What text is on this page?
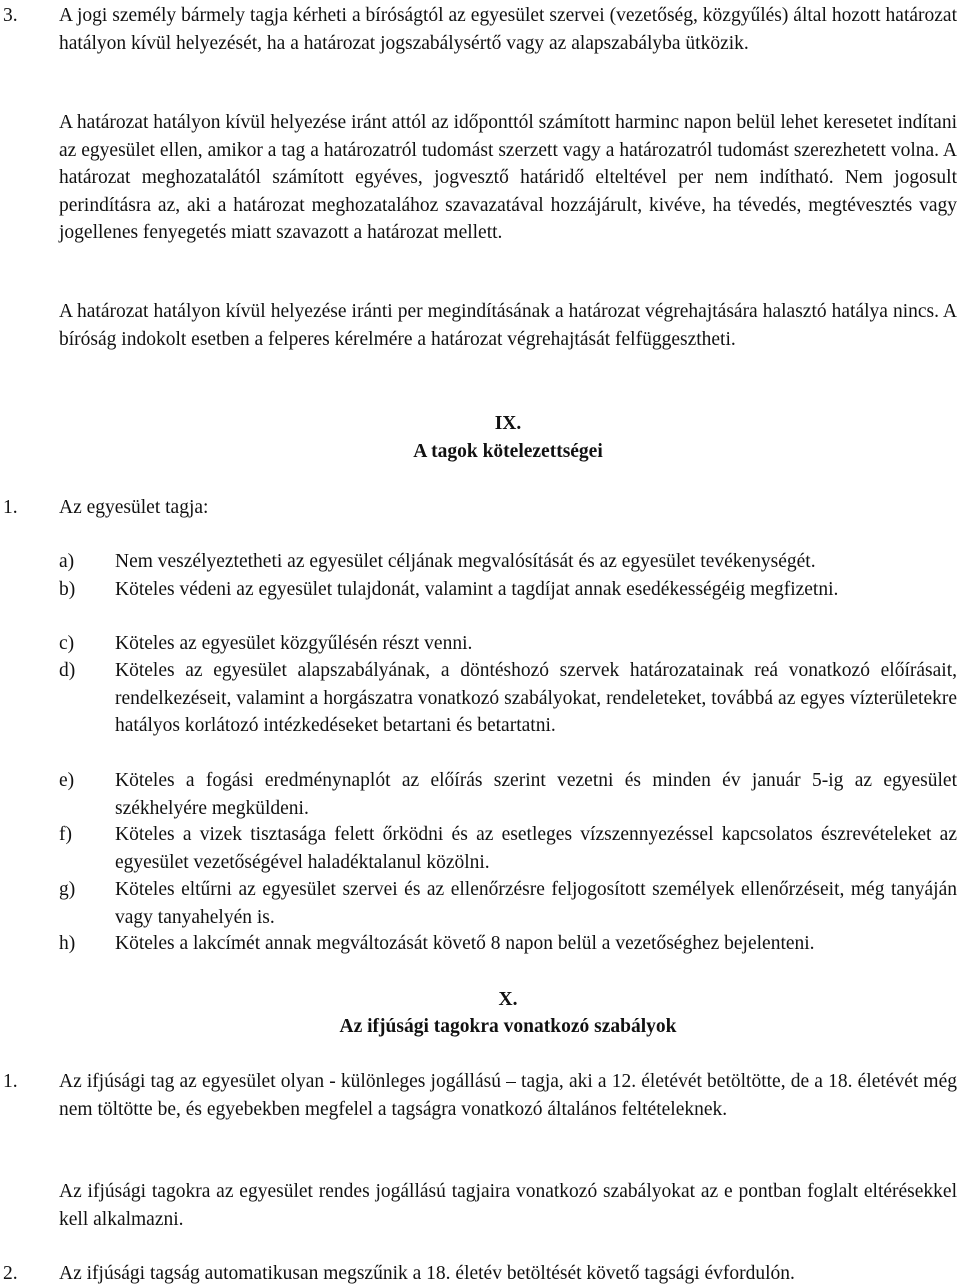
3. A jogi személy bármely tagja kérheti a bíróságtól az egyesület szervei (vezetőség, közgyűlés) által hozott határozat hatályon kívül helyezését, ha a határozat jogszabálysértő vagy az alapszabályba ütközik.

A határozat hatályon kívül helyezése iránt attól az időponttól számított harminc napon belül lehet keresetet indítani az egyesület ellen, amikor a tag a határozatról tudomást szerzett vagy a határozatról tudomást szerezhetett volna. A határozat meghozatalától számított egyéves, jogvesztő határidő elteltével per nem indítható. Nem jogosult perindításra az, aki a határozat meghozatalához szavazatával hozzájárult, kivéve, ha tévedés, megtévesztés vagy jogellenes fenyegetés miatt szavazott a határozat mellett.

A határozat hatályon kívül helyezése iránti per megindításának a határozat végrehajtására halasztó hatálya nincs. A bíróság indokolt esetben a felperes kérelmére a határozat végrehajtását felfüggesztheti.

IX.
A tagok kötelezettségei
1. Az egyesület tagja:
a)	Nem veszélyeztetheti az egyesület céljának megvalósítását és az egyesület tevékenységét.
b)	Köteles védeni az egyesület tulajdonát, valamint a tagdíjat annak esedékességéig megfizetni.
c)	Köteles az egyesület közgyűlésén részt venni.
d)	Köteles az egyesület alapszabályának, a döntéshozó szervek határozatainak reá vonatkozó előírásait, rendelkezéseit, valamint a horgászatra vonatkozó szabályokat, rendeleteket, továbbá az egyes vízterületekre hatályos korlátozó intézkedéseket betartani és betartatni.
e)	Köteles a fogási eredménynaplót az előírás szerint vezetni és minden év január 5-ig az egyesület székhelyére megküldeni.
f)	Köteles a vizek tisztasága felett őrködni és az esetleges vízszennyezéssel kapcsolatos észrevételeket az egyesület vezetőségével haladéktalanul közölni.
g)	Köteles eltűrni az egyesület szervei és az ellenőrzésre feljogosított személyek ellenőrzéseit, még tanyáján vagy tanyahelyén is.
h)	Köteles a lakcímét annak megváltozását követő 8 napon belül a vezetőséghez bejelenteni.
X.
Az ifjúsági tagokra vonatkozó szabályok
1. Az ifjúsági tag az egyesület olyan - különleges jogállású – tagja, aki a 12. életévét betöltötte, de a 18. életévét még nem töltötte be, és egyebekben megfelel a tagságra vonatkozó általános feltételeknek.

Az ifjúsági tagokra az egyesület rendes jogállású tagjaira vonatkozó szabályokat az e pontban foglalt eltérésekkel kell alkalmazni.

2. Az ifjúsági tagság automatikusan megszűnik a 18. életév betöltését követő tagsági évfordulón.
